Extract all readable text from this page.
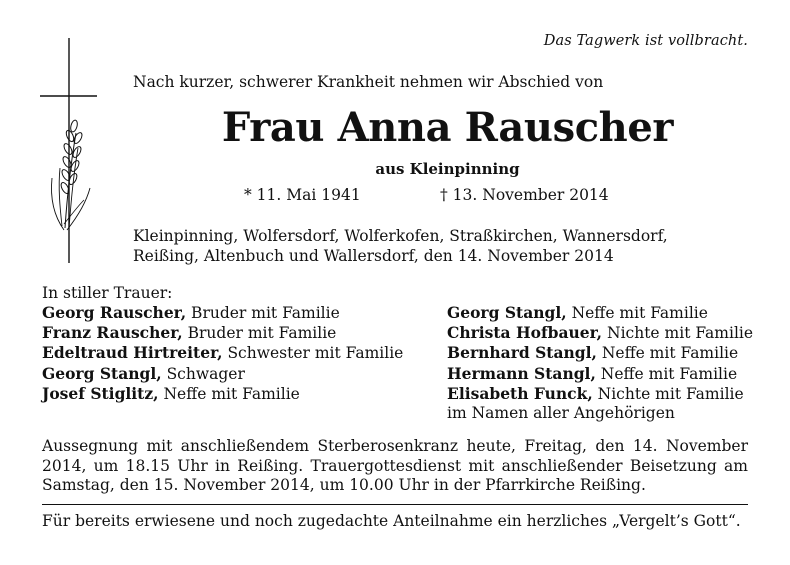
Das Tagwerk ist vollbracht.
Nach kurzer, schwerer Krankheit nehmen wir Abschied von
Frau Anna Rauscher
aus Kleinpinning
* 11. Mai 1941	† 13. November 2014
Kleinpinning, Wolfersdorf, Wolferkofen, Straßkirchen, Wannersdorf,
Reißing, Altenbuch und Wallersdorf, den 14. November 2014
In stiller Trauer:
Georg Rauscher, Bruder mit Familie
Franz Rauscher, Bruder mit Familie
Edeltraud Hirtreiter, Schwester mit Familie
Georg Stangl, Schwager
Josef Stiglitz, Neffe mit Familie
Georg Stangl, Neffe mit Familie
Christa Hofbauer, Nichte mit Familie
Bernhard Stangl, Neffe mit Familie
Hermann Stangl, Neffe mit Familie
Elisabeth Funck, Nichte mit Familie
im Namen aller Angehörigen
Aussegnung mit anschließendem Sterberosenkranz heute, Freitag, den 14. November
2014, um 18.15 Uhr in Reißing. Trauergottesdienst mit anschließender Beisetzung am
Samstag, den 15. November 2014, um 10.00 Uhr in der Pfarrkirche Reißing.
Für bereits erwiesene und noch zugedachte Anteilnahme ein herzliches „Vergelt’s Gott“.
